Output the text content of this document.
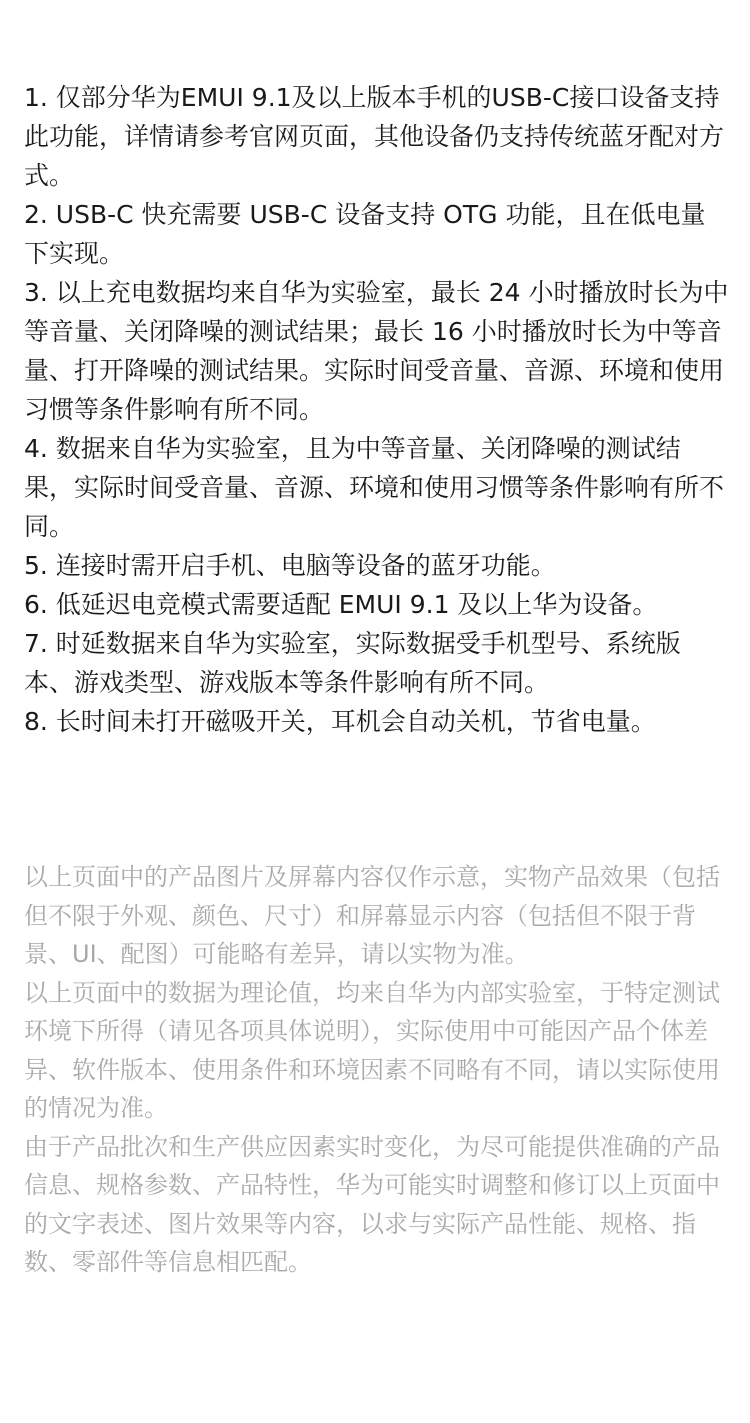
1. 仅部分华为EMUI 9.1及以上版本手机的USB-C接口设备支持此功能，详情请参考官网页面，其他设备仍支持传统蓝牙配对方式。
2. USB-C 快充需要 USB-C 设备支持 OTG 功能，且在低电量下实现。
3. 以上充电数据均来自华为实验室，最长 24 小时播放时长为中等音量、关闭降噪的测试结果；最长 16 小时播放时长为中等音量、打开降噪的测试结果。实际时间受音量、音源、环境和使用习惯等条件影响有所不同。
4. 数据来自华为实验室，且为中等音量、关闭降噪的测试结果，实际时间受音量、音源、环境和使用习惯等条件影响有所不同。
5. 连接时需开启手机、电脑等设备的蓝牙功能。
6. 低延迟电竞模式需要适配 EMUI 9.1 及以上华为设备。
7. 时延数据来自华为实验室，实际数据受手机型号、系统版本、游戏类型、游戏版本等条件影响有所不同。
8. 长时间未打开磁吸开关，耳机会自动关机，节省电量。

以上页面中的产品图片及屏幕内容仅作示意，实物产品效果（包括但不限于外观、颜色、尺寸）和屏幕显示内容（包括但不限于背景、UI、配图）可能略有差异，请以实物为准。

以上页面中的数据为理论值，均来自华为内部实验室，于特定测试环境下所得（请见各项具体说明），实际使用中可能因产品个体差异、软件版本、使用条件和环境因素不同略有不同，请以实际使用的情况为准。

由于产品批次和生产供应因素实时变化，为尽可能提供准确的产品信息、规格参数、产品特性，华为可能实时调整和修订以上页面中的文字表述、图片效果等内容，以求与实际产品性能、规格、指数、零部件等信息相匹配。
